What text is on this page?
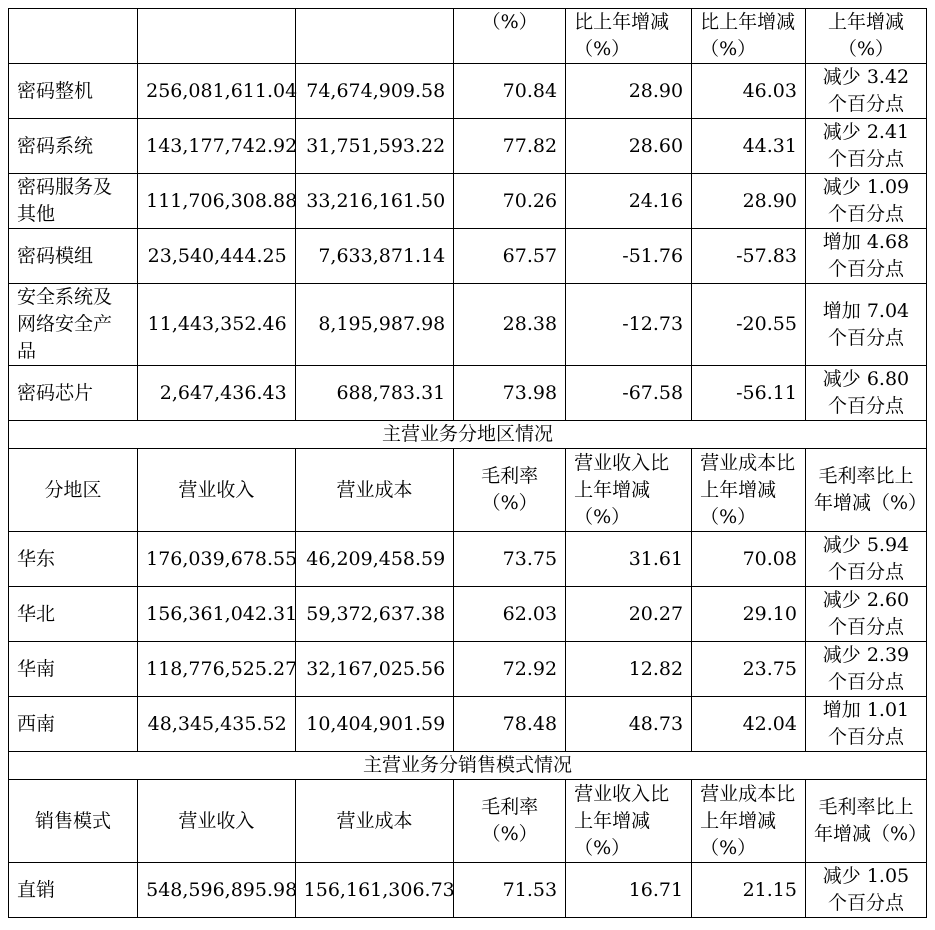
			（%）	比上年增减（%）	比上年增减（%）	上年增减（%）
密码整机	256,081,611.04	74,674,909.58	70.84	28.90	46.03	减少 3.42 个百分点
密码系统	143,177,742.92	31,751,593.22	77.82	28.60	44.31	减少 2.41 个百分点
密码服务及其他	111,706,308.88	33,216,161.50	70.26	24.16	28.90	减少 1.09 个百分点
密码模组	23,540,444.25	7,633,871.14	67.57	-51.76	-57.83	增加 4.68 个百分点
安全系统及网络安全产品	11,443,352.46	8,195,987.98	28.38	-12.73	-20.55	增加 7.04 个百分点
密码芯片	2,647,436.43	688,783.31	73.98	-67.58	-56.11	减少 6.80 个百分点
主营业务分地区情况						
分地区	营业收入	营业成本	毛利率（%）	营业收入比上年增减（%）	营业成本比上年增减（%）	毛利率比上年增减（%）
华东	176,039,678.55	46,209,458.59	73.75	31.61	70.08	减少 5.94 个百分点
华北	156,361,042.31	59,372,637.38	62.03	20.27	29.10	减少 2.60 个百分点
华南	118,776,525.27	32,167,025.56	72.92	12.82	23.75	减少 2.39 个百分点
西南	48,345,435.52	10,404,901.59	78.48	48.73	42.04	增加 1.01 个百分点
主营业务分销售模式情况						
销售模式	营业收入	营业成本	毛利率（%）	营业收入比上年增减（%）	营业成本比上年增减（%）	毛利率比上年增减（%）
直销	548,596,895.98	156,161,306.73	71.53	16.71	21.15	减少 1.05 个百分点
